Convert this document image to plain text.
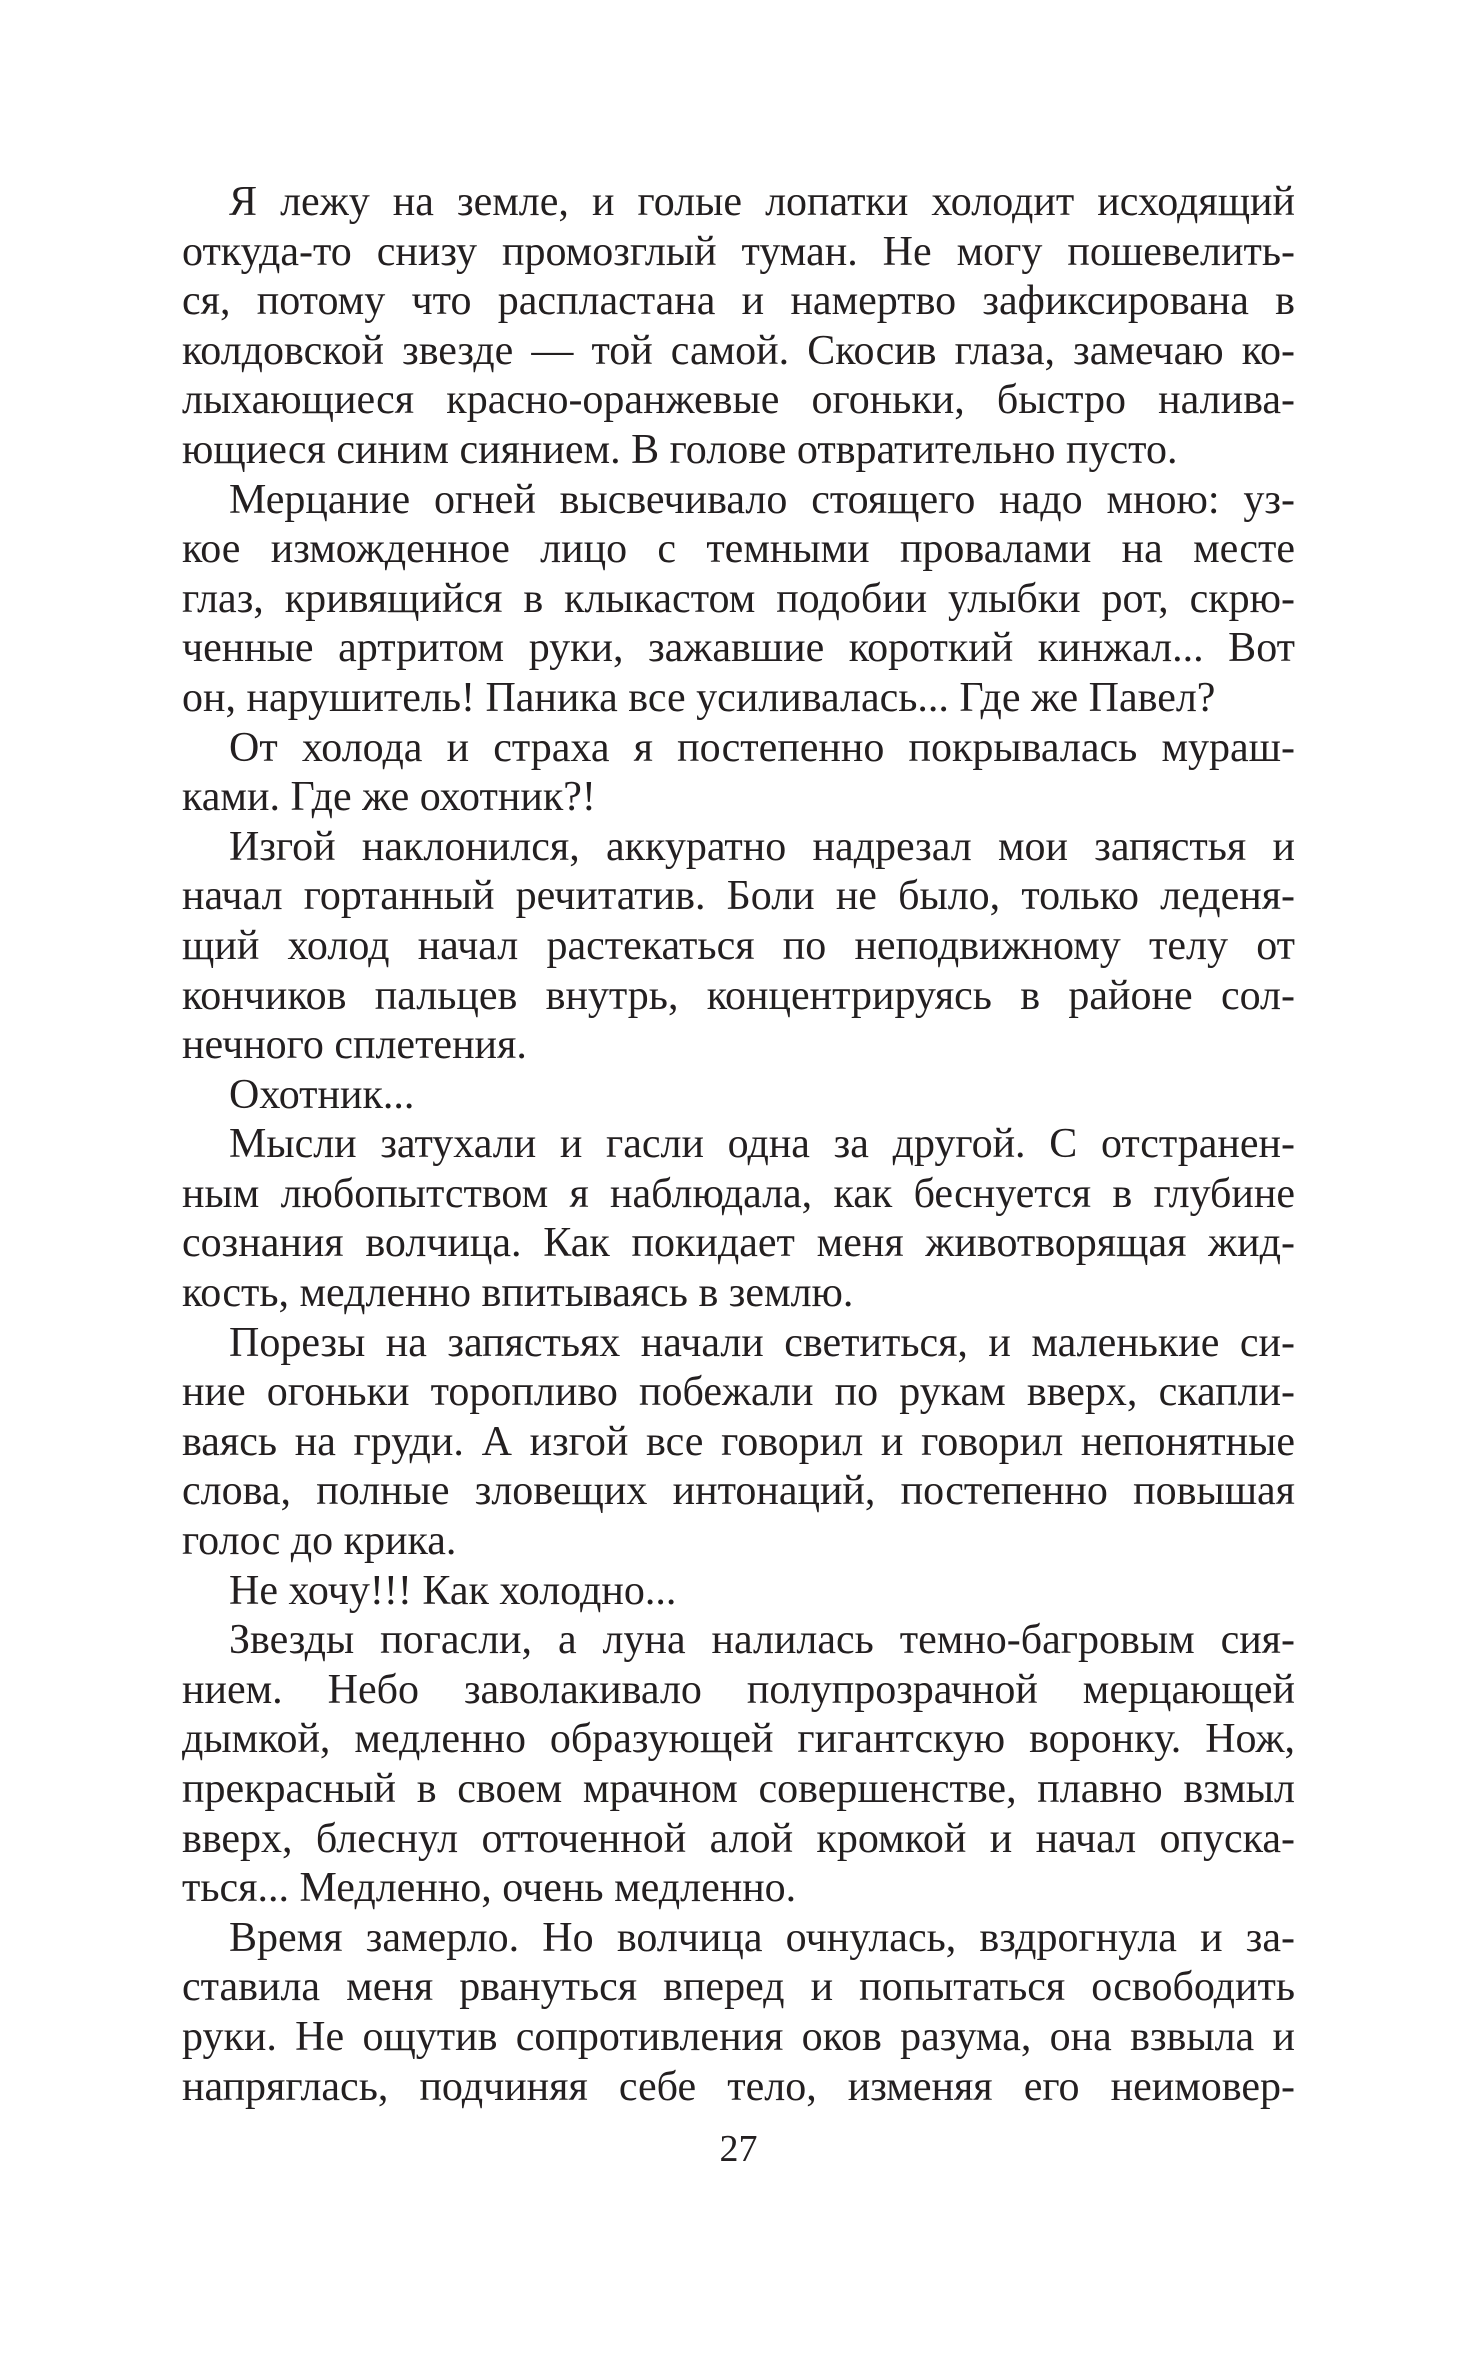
Я лежу на земле, и голые лопатки холодит исходящий
откуда-то снизу промозглый туман. Не могу пошевелить-
ся, потому что распластана и намертво зафиксирована в
колдовской звезде — той самой. Скосив глаза, замечаю ко-
лыхающиеся красно-оранжевые огоньки, быстро налива-
ющиеся синим сиянием. В голове отвратительно пусто.
Мерцание огней высвечивало стоящего надо мною: уз-
кое изможденное лицо с темными провалами на месте
глаз, кривящийся в клыкастом подобии улыбки рот, скрю-
ченные артритом руки, зажавшие короткий кинжал... Вот
он, нарушитель! Паника все усиливалась... Где же Павел?
От холода и страха я постепенно покрывалась мураш-
ками. Где же охотник?!
Изгой наклонился, аккуратно надрезал мои запястья и
начал гортанный речитатив. Боли не было, только леденя-
щий холод начал растекаться по неподвижному телу от
кончиков пальцев внутрь, концентрируясь в районе сол-
нечного сплетения.
Охотник...
Мысли затухали и гасли одна за другой. С отстранен-
ным любопытством я наблюдала, как беснуется в глубине
сознания волчица. Как покидает меня животворящая жид-
кость, медленно впитываясь в землю.
Порезы на запястьях начали светиться, и маленькие си-
ние огоньки торопливо побежали по рукам вверх, скапли-
ваясь на груди. А изгой все говорил и говорил непонятные
слова, полные зловещих интонаций, постепенно повышая
голос до крика.
Не хочу!!! Как холодно...
Звезды погасли, а луна налилась темно-багровым сия-
нием. Небо заволакивало полупрозрачной мерцающей
дымкой, медленно образующей гигантскую воронку. Нож,
прекрасный в своем мрачном совершенстве, плавно взмыл
вверх, блеснул отточенной алой кромкой и начал опуска-
ться... Медленно, очень медленно.
Время замерло. Но волчица очнулась, вздрогнула и за-
ставила меня рвануться вперед и попытаться освободить
руки. Не ощутив сопротивления оков разума, она взвыла и
напряглась, подчиняя себе тело, изменяя его неимовер-
27
